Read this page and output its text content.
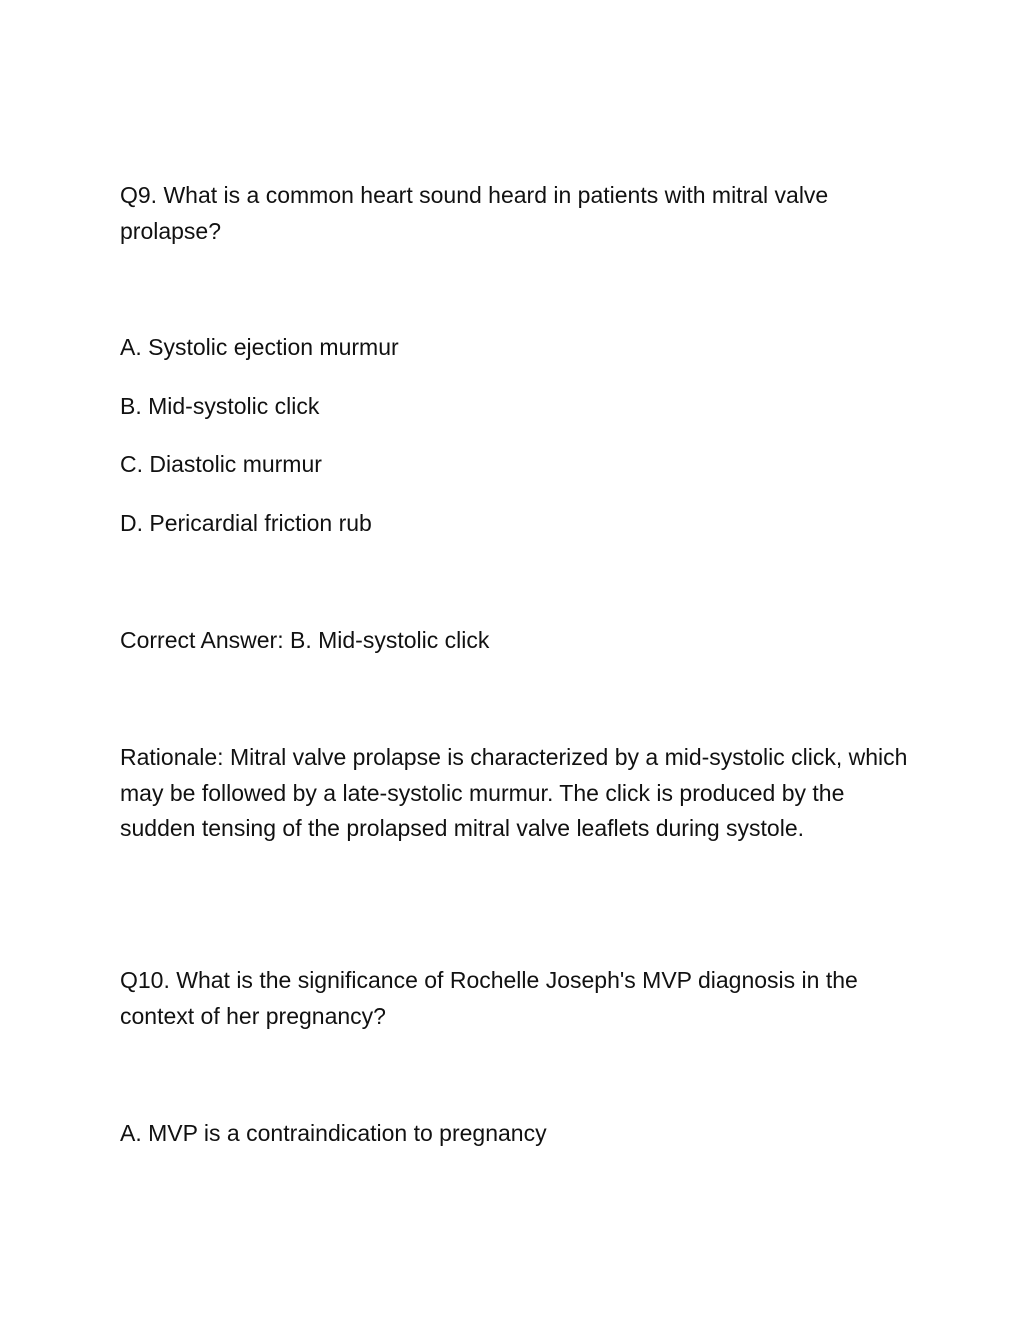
Q9. What is a common heart sound heard in patients with mitral valve prolapse?

A. Systolic ejection murmur

B. Mid-systolic click

C. Diastolic murmur

D. Pericardial friction rub

Correct Answer: B. Mid-systolic click

Rationale: Mitral valve prolapse is characterized by a mid-systolic click, which may be followed by a late-systolic murmur. The click is produced by the sudden tensing of the prolapsed mitral valve leaflets during systole.

Q10. What is the significance of Rochelle Joseph's MVP diagnosis in the context of her pregnancy?

A. MVP is a contraindication to pregnancy
